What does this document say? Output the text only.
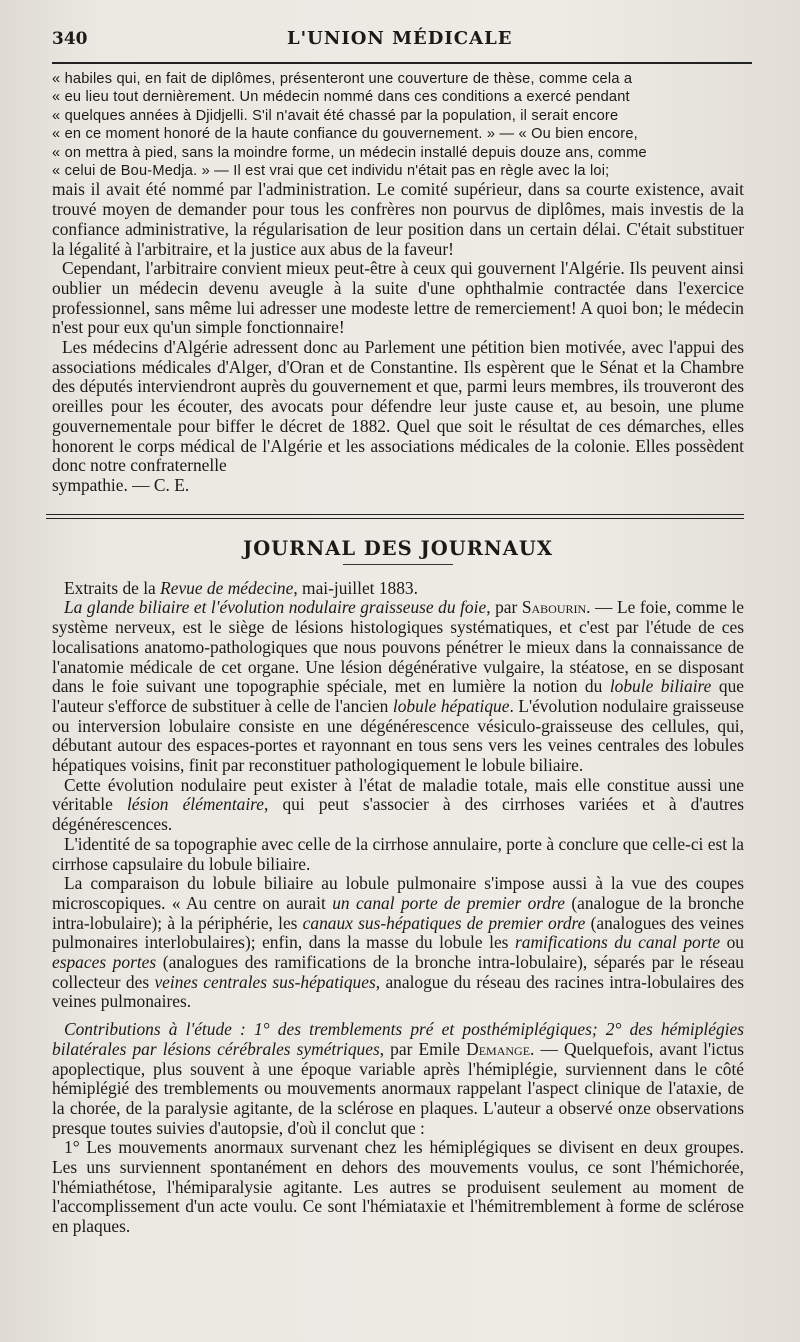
340	L'UNION MÉDICALE

« habiles qui, en fait de diplômes, présenteront une couverture de thèse, comme cela a

« eu lieu tout dernièrement. Un médecin nommé dans ces conditions a exercé pendant

« quelques années à Djidjelli. S'il n'avait été chassé par la population, il serait encore

« en ce moment honoré de la haute confiance du gouvernement. » — « Ou bien encore,

« on mettra à pied, sans la moindre forme, un médecin installé depuis douze ans, comme

« celui de Bou-Medja. » — Il est vrai que cet individu n'était pas en règle avec la loi;

mais il avait été nommé par l'administration. Le comité supérieur, dans sa courte existence, avait trouvé moyen de demander pour tous les confrères non pourvus de diplômes, mais investis de la confiance administrative, la régularisation de leur position dans un certain délai. C'était substituer la légalité à l'arbitraire, et la justice aux abus de la faveur!

Cependant, l'arbitraire convient mieux peut-être à ceux qui gouvernent l'Algérie. Ils peuvent ainsi oublier un médecin devenu aveugle à la suite d'une ophthalmie contractée dans l'exercice professionnel, sans même lui adresser une modeste lettre de remerciement! A quoi bon; le médecin n'est pour eux qu'un simple fonctionnaire!

Les médecins d'Algérie adressent donc au Parlement une pétition bien motivée, avec l'appui des associations médicales d'Alger, d'Oran et de Constantine. Ils espèrent que le Sénat et la Chambre des députés interviendront auprès du gouvernement et que, parmi leurs membres, ils trouveront des oreilles pour les écouter, des avocats pour défendre leur juste cause et, au besoin, une plume gouvernementale pour biffer le décret de 1882. Quel que soit le résultat de ces démarches, elles honorent le corps médical de l'Algérie et les associations médicales de la colonie. Elles possèdent donc notre confraternelle

sympathie. — C. E.

JOURNAL DES JOURNAUX

Extraits de la Revue de médecine, mai-juillet 1883.

La glande biliaire et l'évolution nodulaire graisseuse du foie, par Sabourin. — Le foie, comme le système nerveux, est le siège de lésions histologiques systématiques, et c'est par l'étude de ces localisations anatomo-pathologiques que nous pouvons pénétrer le mieux dans la connaissance de l'anatomie médicale de cet organe. Une lésion dégénérative vulgaire, la stéatose, en se disposant dans le foie suivant une topographie spéciale, met en lumière la notion du lobule biliaire que l'auteur s'efforce de substituer à celle de l'ancien lobule hépatique. L'évolution nodulaire graisseuse ou interversion lobulaire consiste en une dégénérescence vésiculo-graisseuse des cellules, qui, débutant autour des espaces-portes et rayonnant en tous sens vers les veines centrales des lobules hépatiques voisins, finit par reconstituer pathologiquement le lobule biliaire.

Cette évolution nodulaire peut exister à l'état de maladie totale, mais elle constitue aussi une véritable lésion élémentaire, qui peut s'associer à des cirrhoses variées et à d'autres dégénérescences.

L'identité de sa topographie avec celle de la cirrhose annulaire, porte à conclure que celle-ci est la cirrhose capsulaire du lobule biliaire.

La comparaison du lobule biliaire au lobule pulmonaire s'impose aussi à la vue des coupes microscopiques. « Au centre on aurait un canal porte de premier ordre (analogue de la bronche intra-lobulaire); à la périphérie, les canaux sus-hépatiques de premier ordre (analogues des veines pulmonaires interlobulaires); enfin, dans la masse du lobule les ramifications du canal porte ou espaces portes (analogues des ramifications de la bronche intra-lobulaire), séparés par le réseau collecteur des veines centrales sus-hépatiques, analogue du réseau des racines intra-lobulaires des veines pulmonaires.

Contributions à l'étude : 1° des tremblements pré et posthémiplégiques; 2° des hémiplégies bilatérales par lésions cérébrales symétriques, par Emile Demange. — Quelquefois, avant l'ictus apoplectique, plus souvent à une époque variable après l'hémiplégie, surviennent dans le côté hémiplégié des tremblements ou mouvements anormaux rappelant l'aspect clinique de l'ataxie, de la chorée, de la paralysie agitante, de la sclérose en plaques. L'auteur a observé onze observations presque toutes suivies d'autopsie, d'où il conclut que :

1° Les mouvements anormaux survenant chez les hémiplégiques se divisent en deux groupes. Les uns surviennent spontanément en dehors des mouvements voulus, ce sont l'hémichorée, l'hémiathétose, l'hémiparalysie agitante. Les autres se produisent seulement au moment de l'accomplissement d'un acte voulu. Ce sont l'hémiataxie et l'hémitremblement à forme de sclérose en plaques.
